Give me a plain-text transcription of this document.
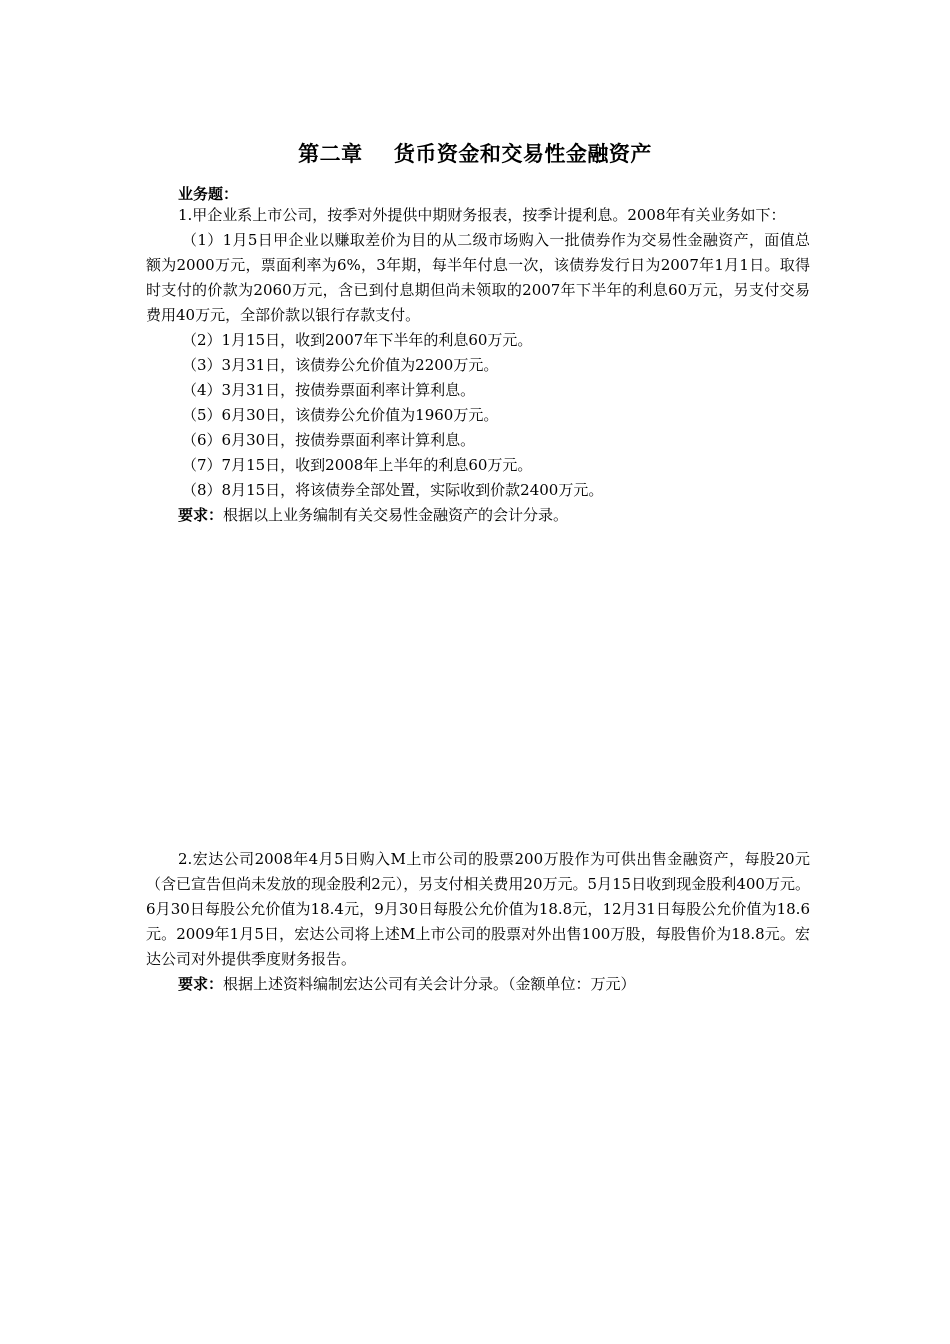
第二章    货币资金和交易性金融资产
业务题：

1.甲企业系上市公司，按季对外提供中期财务报表，按季计提利息。2008年有关业务如下：

（1）1月5日甲企业以赚取差价为目的从二级市场购入一批债券作为交易性金融资产，面值总额为2000万元，票面利率为6%，3年期，每半年付息一次，该债券发行日为2007年1月1日。取得时支付的价款为2060万元，含已到付息期但尚未领取的2007年下半年的利息60万元，另支付交易费用40万元，全部价款以银行存款支付。

（2）1月15日，收到2007年下半年的利息60万元。

（3）3月31日，该债券公允价值为2200万元。

（4）3月31日，按债券票面利率计算利息。

（5）6月30日，该债券公允价值为1960万元。

（6）6月30日，按债券票面利率计算利息。

（7）7月15日，收到2008年上半年的利息60万元。

（8）8月15日，将该债券全部处置，实际收到价款2400万元。

要求：根据以上业务编制有关交易性金融资产的会计分录。

2.宏达公司2008年4月5日购入M上市公司的股票200万股作为可供出售金融资产，每股20元（含已宣告但尚未发放的现金股利2元），另支付相关费用20万元。5月15日收到现金股利400万元。6月30日每股公允价值为18.4元，9月30日每股公允价值为18.8元，12月31日每股公允价值为18.6元。2009年1月5日，宏达公司将上述M上市公司的股票对外出售100万股，每股售价为18.8元。宏达公司对外提供季度财务报告。

要求：根据上述资料编制宏达公司有关会计分录。（金额单位：万元）
